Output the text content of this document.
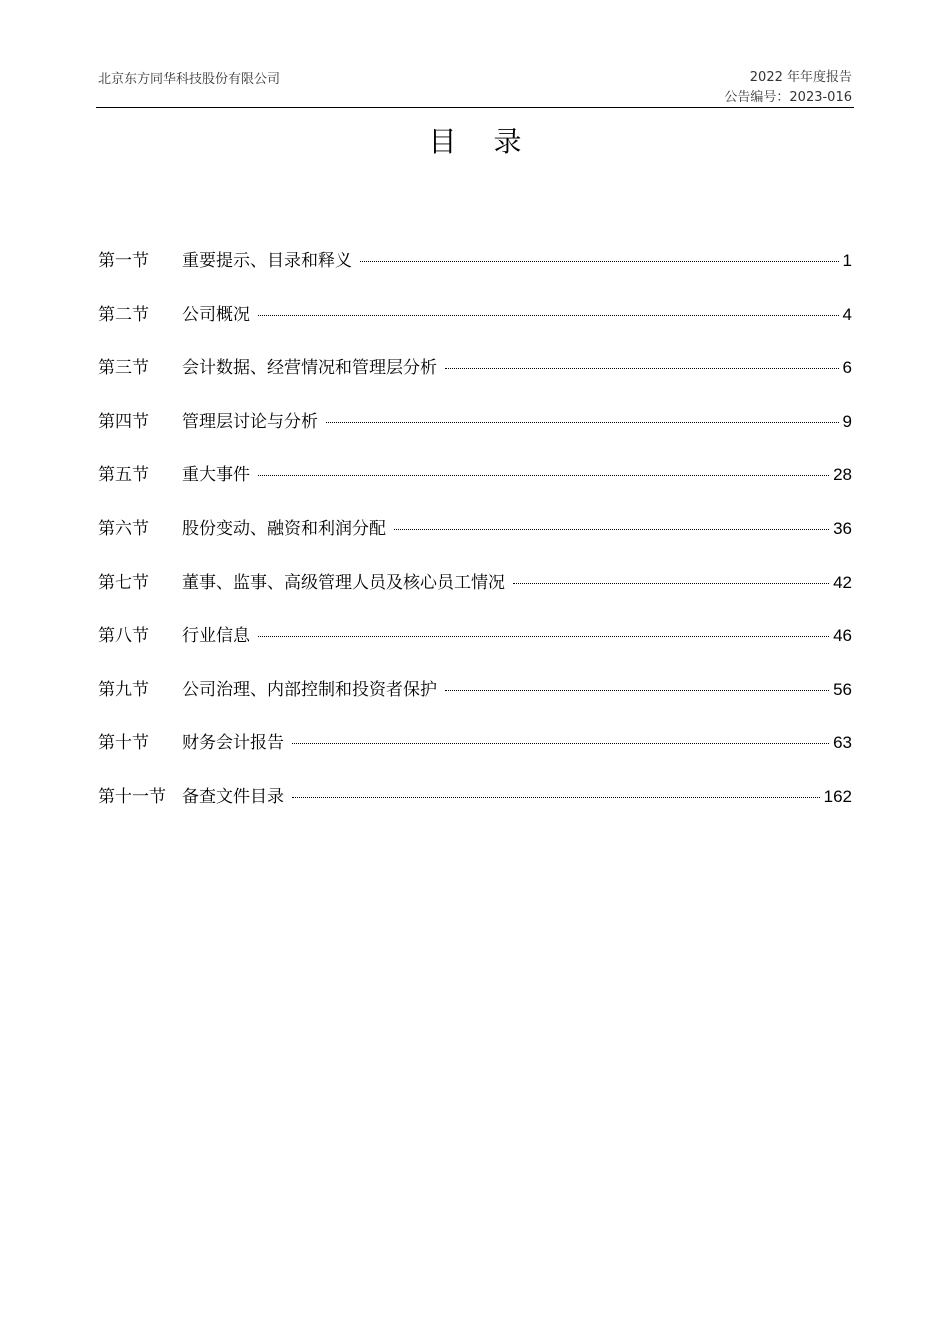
北京东方同华科技股份有限公司	2022 年年度报告
公告编号：2023-016
目 录
第一节	重要提示、目录和释义	1
第二节	公司概况	4
第三节	会计数据、经营情况和管理层分析	6
第四节	管理层讨论与分析	9
第五节	重大事件	28
第六节	股份变动、融资和利润分配	36
第七节	董事、监事、高级管理人员及核心员工情况	42
第八节	行业信息	46
第九节	公司治理、内部控制和投资者保护	56
第十节	财务会计报告	63
第十一节 备查文件目录	162
